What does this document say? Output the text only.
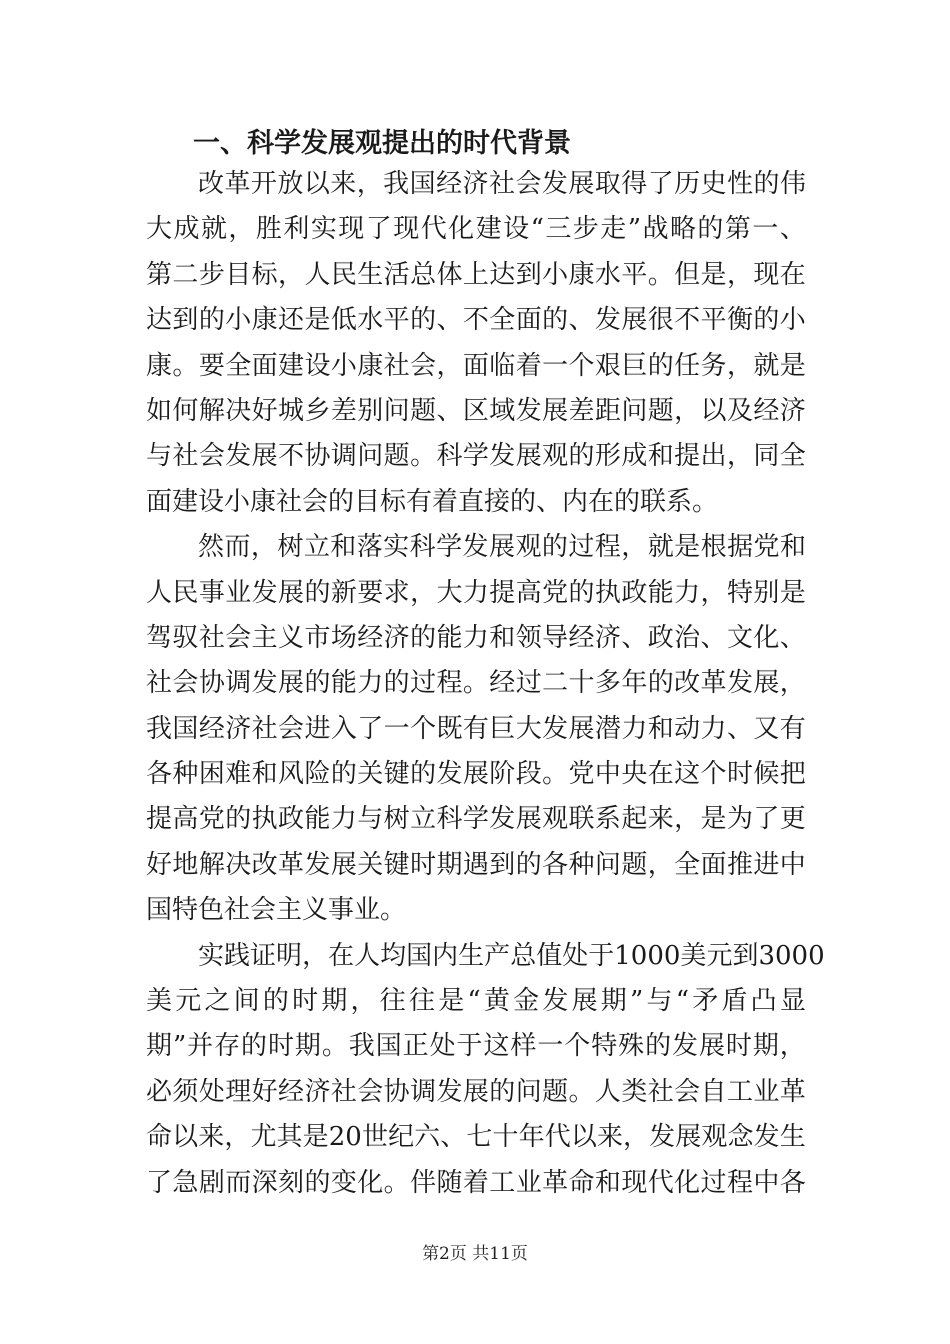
一、科学发展观提出的时代背景
改 革 开 放 以 来 ， 我 国 经 济 社 会 发 展 取 得 了 历 史 性 的 伟
大 成 就 ， 胜 利 实 现 了 现 代 化 建 设 “ 三 步 走 ” 战 略 的 第 一 、
第 二 步 目 标 ， 人 民 生 活 总 体 上 达 到 小 康 水 平 。 但 是 ， 现 在
达 到 的 小 康 还 是 低 水 平 的 、 不 全 面 的 、 发 展 很 不 平 衡 的 小
康 。 要 全 面 建 设 小 康 社 会 ， 面 临 着 一 个 艰 巨 的 任 务 ， 就 是
如 何 解 决 好 城 乡 差 别 问 题 、 区 域 发 展 差 距 问 题 ， 以 及 经 济
与 社 会 发 展 不 协 调 问 题 。 科 学 发 展 观 的 形 成 和 提 出 ， 同 全
面建设小康社会的目标有着直接的、内在的联系。
然 而 ， 树 立 和 落 实 科 学 发 展 观 的 过 程 ， 就 是 根 据 党 和
人 民 事 业 发 展 的 新 要 求 ， 大 力 提 高 党 的 执 政 能 力 ， 特 别 是
驾 驭 社 会 主 义 市 场 经 济 的 能 力 和 领 导 经 济 、 政 治 、 文 化 、
社 会 协 调 发 展 的 能 力 的 过 程 。 经 过 二 十 多 年 的 改 革 发 展 ，
我 国 经 济 社 会 进 入 了 一 个 既 有 巨 大 发 展 潜 力 和 动 力 、 又 有
各 种 困 难 和 风 险 的 关 键 的 发 展 阶 段 。 党 中 央 在 这 个 时 候 把
提 高 党 的 执 政 能 力 与 树 立 科 学 发 展 观 联 系 起 来 ， 是 为 了 更
好 地 解 决 改 革 发 展 关 键 时 期 遇 到 的 各 种 问 题 ， 全 面 推 进 中
国特色社会主义事业。
实 践 证 明 ， 在 人 均 国 内 生 产 总 值 处 于 1000 美 元 到 3000
美 元 之 间 的 时 期 ， 往 往 是 “ 黄 金 发 展 期 ” 与 “ 矛 盾 凸 显
期 ” 并 存 的 时 期 。 我 国 正 处 于 这 样 一 个 特 殊 的 发 展 时 期 ，
必 须 处 理 好 经 济 社 会 协 调 发 展 的 问 题 。 人 类 社 会 自 工 业 革
命 以 来 ， 尤 其 是 20 世 纪 六 、 七 十 年 代 以 来 ， 发 展 观 念 发 生
了 急 剧 而 深 刻 的 变 化 。 伴 随 着 工 业 革 命 和 现 代 化 过 程 中 各
第2页 共11页
